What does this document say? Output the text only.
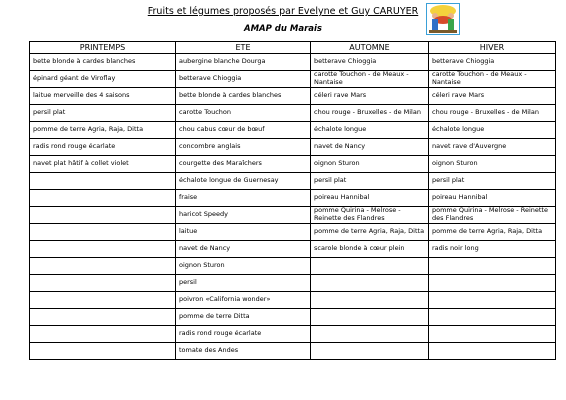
Fruits et légumes proposés par Evelyne et Guy CARUYER
AMAP du Marais
PRINTEMPS	ETE	AUTOMNE	HIVER
bette blonde à cardes blanches	aubergine blanche Dourga	betterave Chioggia	betterave Chioggia
épinard géant de Viroflay	betterave Chioggia	carotte Touchon - de Meaux - Nantaise	carotte Touchon - de Meaux - Nantaise
laitue merveille des 4 saisons	bette blonde à cardes blanches	céleri rave Mars	céleri rave Mars
persil plat	carotte Touchon	chou rouge - Bruxelles - de Milan	chou rouge - Bruxelles - de Milan
pomme de terre Agria, Raja, Ditta	chou cabus cœur de bœuf	échalote longue	échalote longue
radis rond rouge écarlate	concombre anglais	navet de Nancy	navet rave d'Auvergne
navet plat hâtif à collet violet	courgette des Maraîchers	oignon Sturon	oignon Sturon
	échalote longue de Guernesay	persil plat	persil plat
	fraise	poireau Hannibal	poireau Hannibal
	haricot Speedy	pomme Quirina - Melrose - Reinette des Flandres	pomme Quirina - Melrose - Reinette des Flandres
	laitue	pomme de terre Agria, Raja, Ditta	pomme de terre Agria, Raja, Ditta
	navet de Nancy	scarole blonde à cœur plein	radis noir long
	oignon Sturon		
	persil		
	poivron «California wonder»		
	pomme de terre Ditta		
	radis rond rouge écarlate		
	tomate des Andes		
